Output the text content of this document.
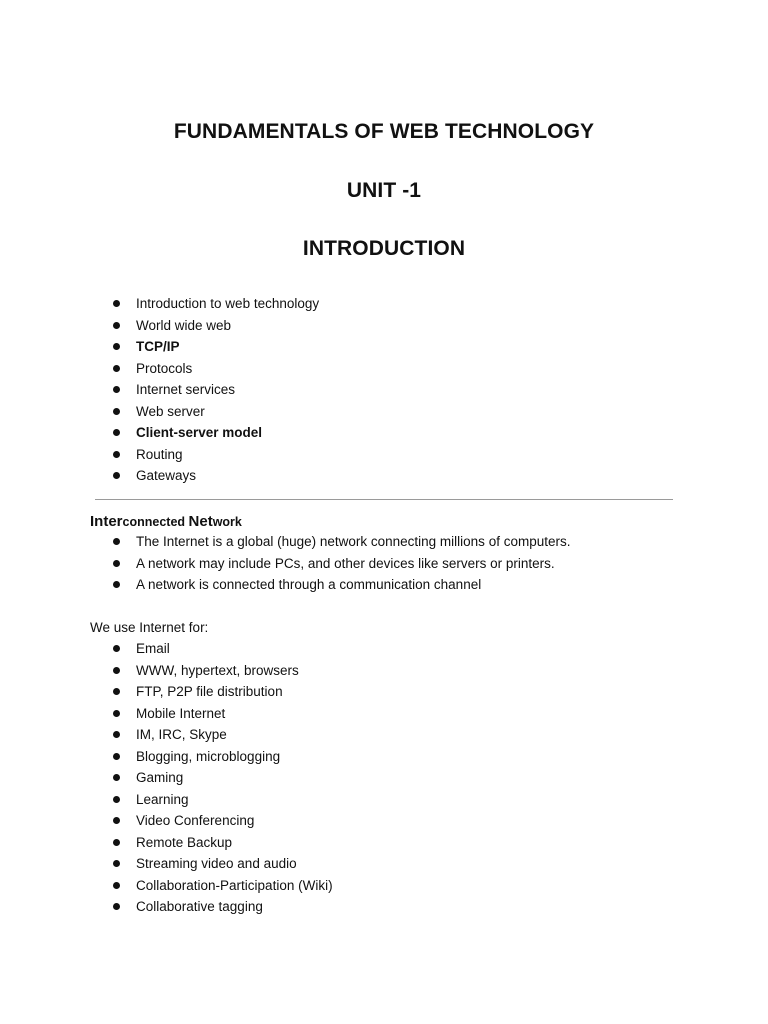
FUNDAMENTALS OF WEB TECHNOLOGY
UNIT -1
INTRODUCTION
Introduction to web technology
World wide web
TCP/IP
Protocols
Internet services
Web server
Client-server model
Routing
Gateways
Interconnected Network
The Internet is a global (huge) network connecting millions of computers.
A network may include PCs, and other devices like servers or printers.
A network is connected through a communication channel

We use Internet for:

Email
WWW, hypertext, browsers
FTP, P2P file distribution
Mobile Internet
IM, IRC, Skype
Blogging, microblogging
Gaming
Learning
Video Conferencing
Remote Backup
Streaming video and audio
Collaboration-Participation (Wiki)
Collaborative tagging
